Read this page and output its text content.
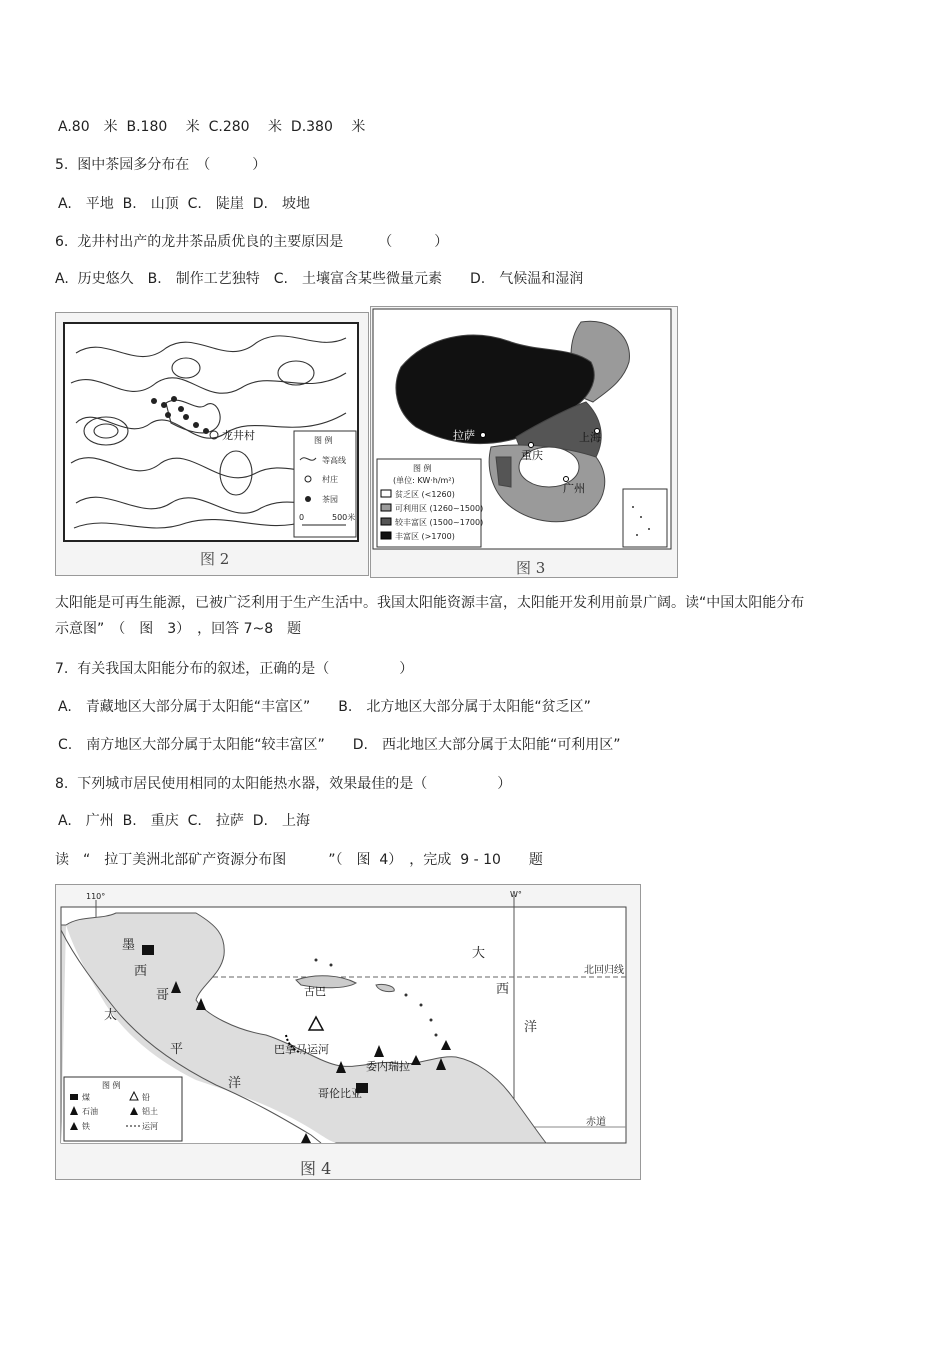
A.80　米  B.180　 米  C.280　 米  D.380　 米
5.  图中茶园多分布在　（　　　）
A.　平地  B.　山顶  C.　陡崖  D.　坡地
6.  龙井村出产的龙井茶品质优良的主要原因是　　　（　　　）
A.  历史悠久　B.　制作工艺独特　C.　土壤富含某些微量元素　　D.　气候温和湿润
龙井村	图 例
等高线
村庄
茶园
0	500米
图 2
拉萨
重庆
上海
广州
图 例
(单位: KW·h/m²)
贫乏区 (<1260)
可利用区 (1260~1500)
较丰富区 (1500~1700)
丰富区 (>1700)
图 3
太阳能是可再生能源，已被广泛利用于生产生活中。我国太阳能资源丰富，太阳能开发利用前景广阔。读“中国太阳能分布示意图”　（　图　3）　，回答 7~8　题
7.  有关我国太阳能分布的叙述，正确的是（　　　　　）
A.　青藏地区大部分属于太阳能“丰富区”　　B.　北方地区大部分属于太阳能“贫乏区”
C.　南方地区大部分属于太阳能“较丰富区”　　D.　西北地区大部分属于太阳能“可利用区”
8.  下列城市居民使用相同的太阳能热水器，效果最佳的是（　　　　　）
A.　广州  B.　重庆  C.　拉萨  D.　上海
读　“　拉丁美洲北部矿产资源分布图　　　”（　图  4）　，完成  9 - 10　　题
110°	W°
北回归线
赤道
墨
西
哥	古巴
巴拿马运河
委内瑞拉
哥伦比亚
太
平
洋
大
西
洋
图 例
煤	铅
石油	铝土
铁	运河
图 4
